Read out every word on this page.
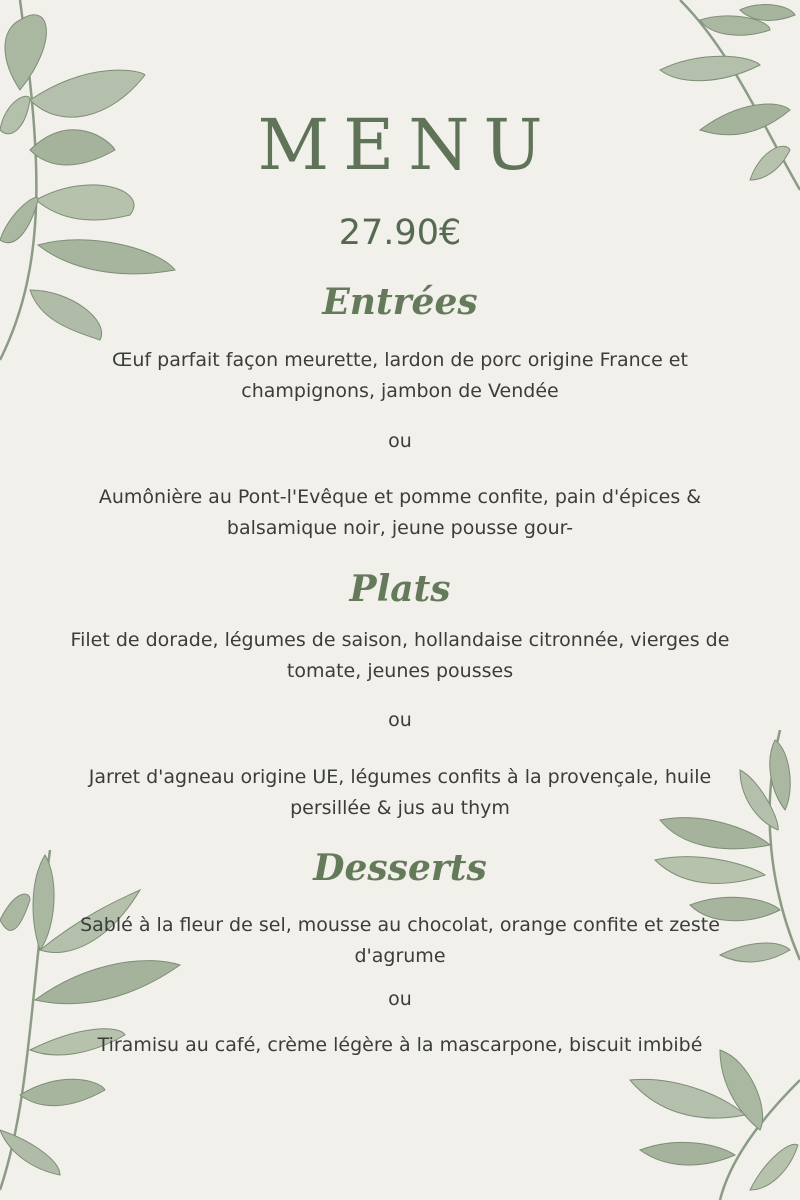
MENU
27.90€
Entrées
Œuf parfait façon meurette, lardon de porc origine France et champignons, jambon de Vendée
ou
Aumônière au Pont-l'Evêque et pomme confite, pain d'épices & balsamique noir, jeune pousse gour-
Plats
Filet de dorade, légumes de saison, hollandaise citronnée, vierges de tomate, jeunes pousses
ou
Jarret d'agneau origine UE, légumes confits à la provençale, huile persillée & jus au thym
Desserts
Sablé à la fleur de sel, mousse au chocolat, orange confite et zeste d'agrume
ou
Tiramisu au café, crème légère à la mascarpone, biscuit imbibé
